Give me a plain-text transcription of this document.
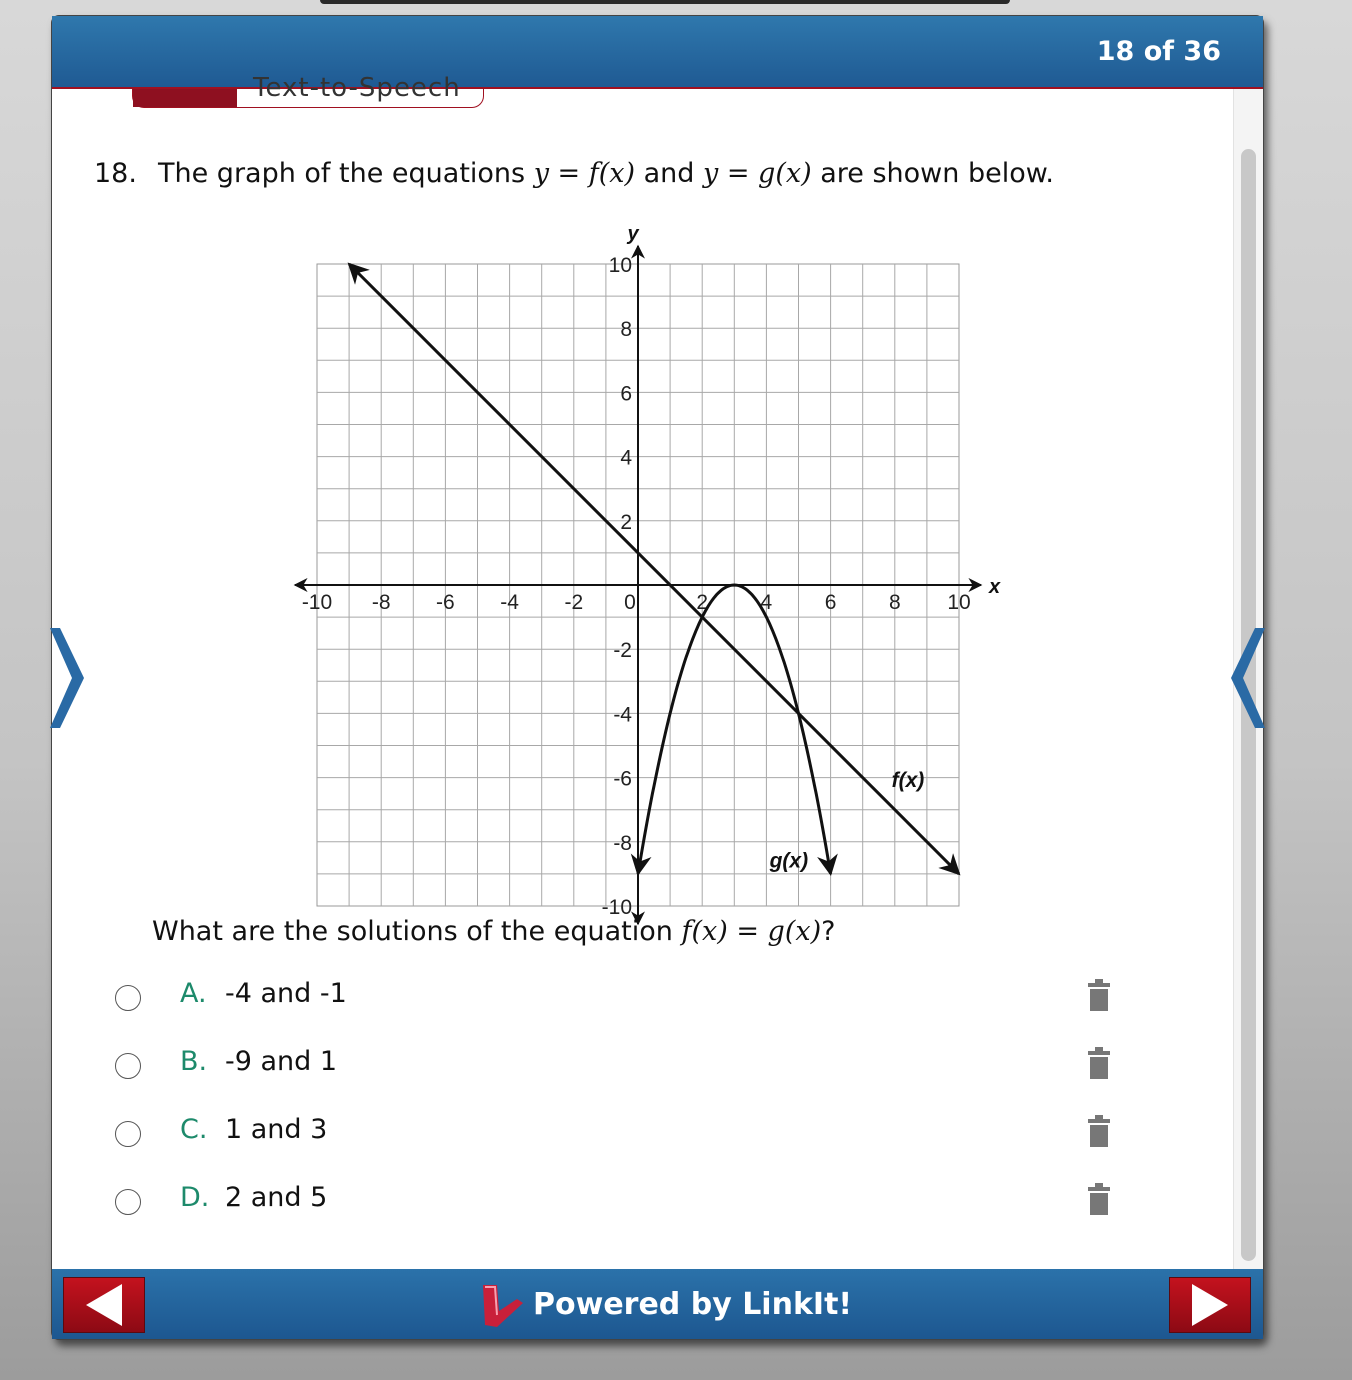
18 of 36
Text-to-Speech
18. The graph of the equations y = f(x) and y = g(x) are shown below.
x
y
-10 -8 -6 -4 -2 0	2	4	6	8 10
10
8
6
4
2
-2
-4
-6
-8
-10
f(x)
g(x)
What are the solutions of the equation f(x) = g(x)?
A. -4 and -1
B. -9 and 1
C. 1 and 3
D. 2 and 5
Powered by LinkIt!
